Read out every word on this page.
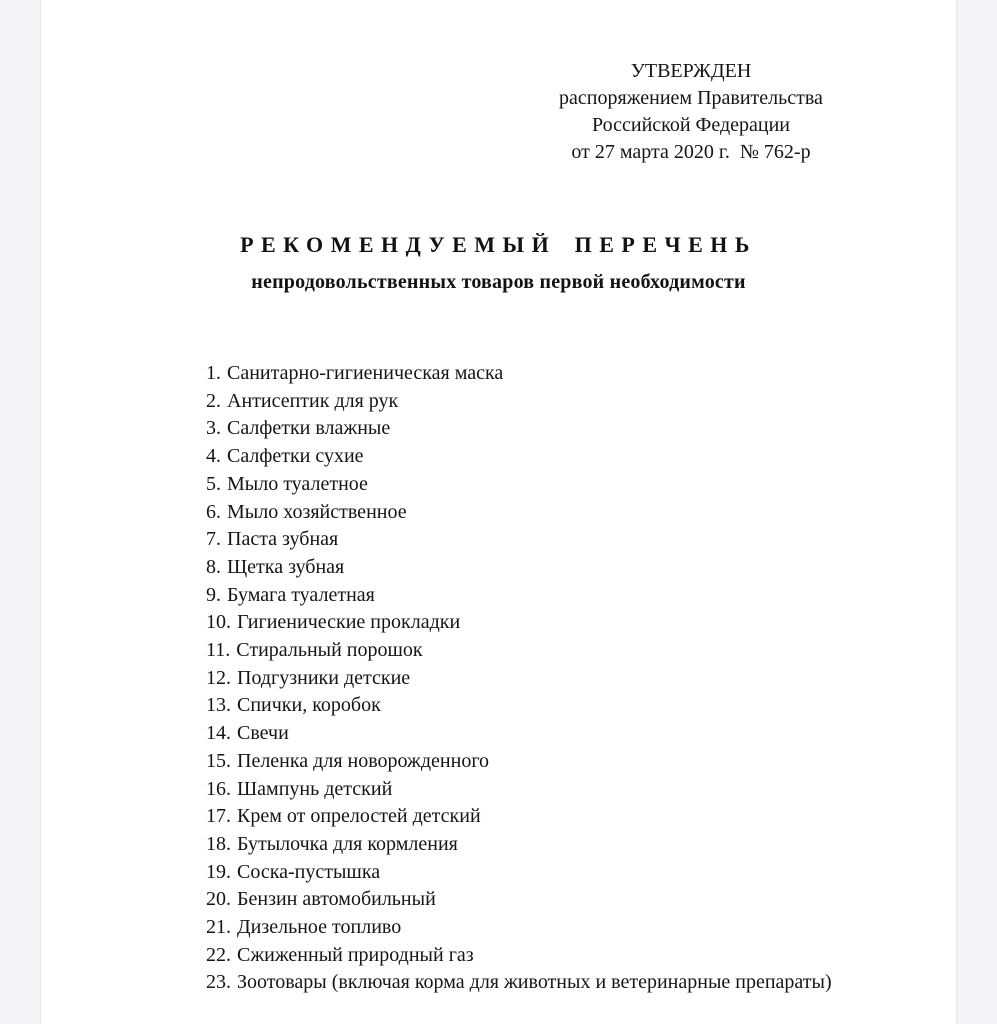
УТВЕРЖДЕН
распоряжением Правительства
Российской Федерации
от 27 марта 2020 г.  № 762-р
РЕКОМЕНДУЕМЫЙ ПЕРЕЧЕНЬ
непродовольственных товаров первой необходимости
1. Санитарно-гигиеническая маска
2. Антисептик для рук
3. Салфетки влажные
4. Салфетки сухие
5. Мыло туалетное
6. Мыло хозяйственное
7. Паста зубная
8. Щетка зубная
9. Бумага туалетная
10. Гигиенические прокладки
11. Стиральный порошок
12. Подгузники детские
13. Спички, коробок
14. Свечи
15. Пеленка для новорожденного
16. Шампунь детский
17. Крем от опрелостей детский
18. Бутылочка для кормления
19. Соска-пустышка
20. Бензин автомобильный
21. Дизельное топливо
22. Сжиженный природный газ
23. Зоотовары (включая корма для животных и ветеринарные препараты)
